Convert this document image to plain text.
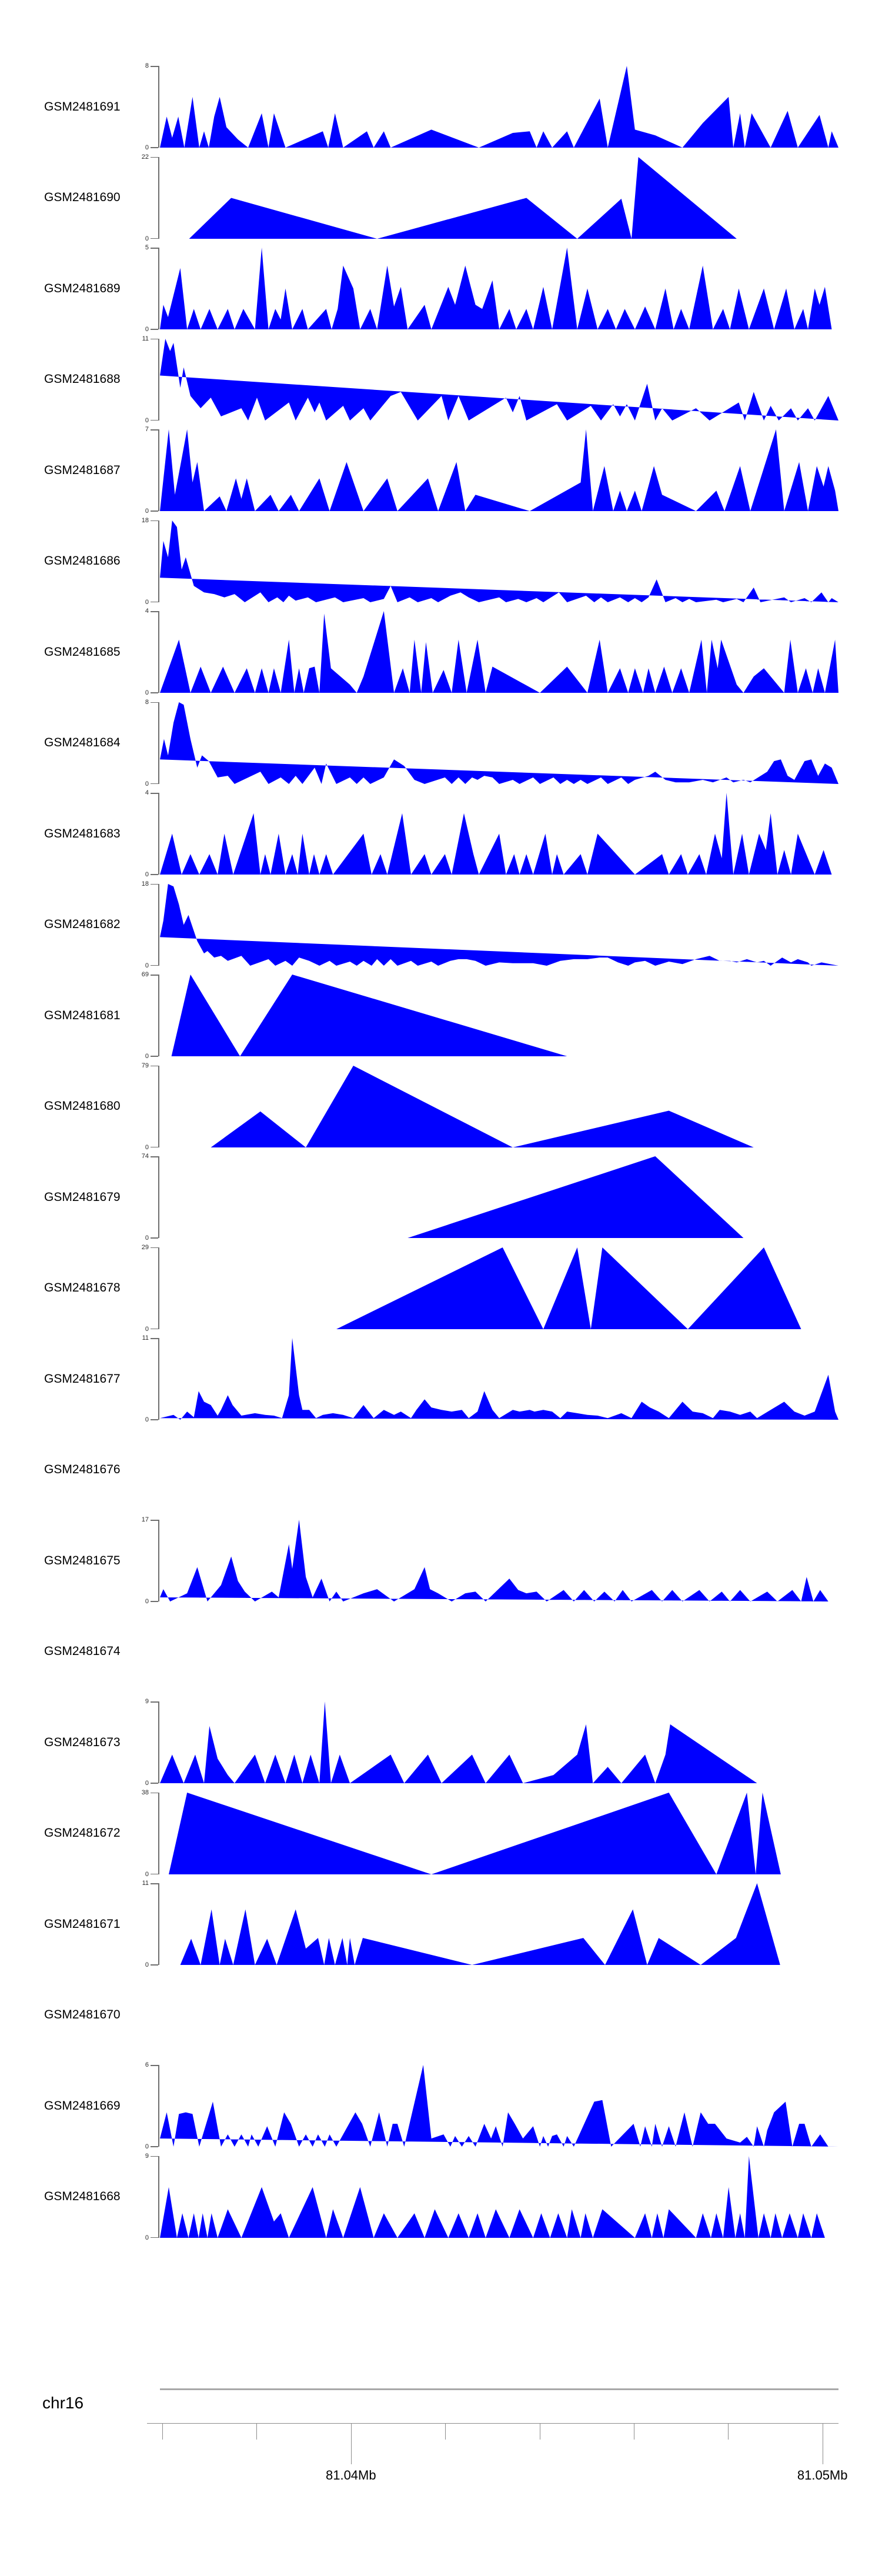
GSM2481691
8
0
GSM2481690
22
0
GSM2481689
5
0
GSM2481688
11
0
GSM2481687
7
0
GSM2481686
18
0
GSM2481685
4
0
GSM2481684
8
0
GSM2481683
4
0
GSM2481682
18
0
GSM2481681
69
0
GSM2481680
79
0
GSM2481679
74
0
GSM2481678
29
0
GSM2481677
11
0
GSM2481676
GSM2481675
17
0
GSM2481674
GSM2481673
9
0
GSM2481672
38
0
GSM2481671
11
0
GSM2481670
GSM2481669
6
0
GSM2481668
9
0
81.04Mb	81.05Mb
chr16
